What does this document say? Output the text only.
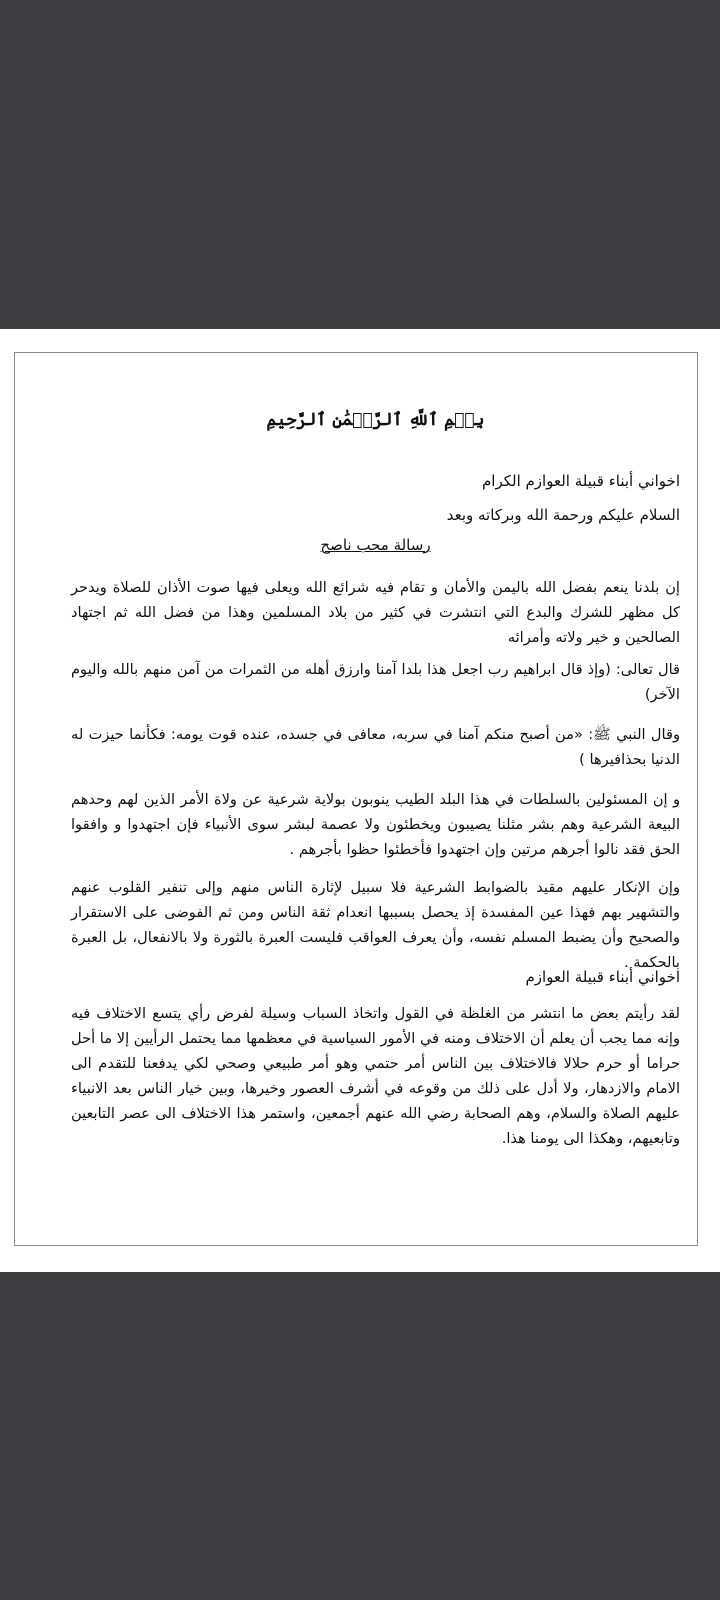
بِسۡمِ ٱللَّهِ ٱلرَّحۡمَٰنِ ٱلرَّحِيمِ
اخواني أبناء قبيلة العوازم الكرام
السلام عليكم ورحمة الله وبركاته وبعد
رسالة محب ناصح

إن بلدنا ينعم بفضل الله باليمن والأمان و تقام فيه شرائع الله ويعلى فيها صوت الأذان للصلاة ويدحر كل مظهر للشرك والبدع التي انتشرت في كثير من بلاد المسلمين وهذا من فضل الله ثم اجتهاد الصالحين و خير ولاته وأمرائه

قال تعالى: (وإذ قال ابراهيم رب اجعل هذا بلدا آمنا وارزق أهله من الثمرات من آمن منهم بالله واليوم الآخر)

وقال النبي ﷺ: «من أصبح منكم آمنا في سربه، معافى في جسده، عنده قوت يومه: فكأنما حيزت له الدنيا بحذافيرها )

و إن المسئولين بالسلطات في هذا البلد الطيب ينوبون بولاية شرعية عن ولاة الأمر الذين لهم وحدهم البيعة الشرعية وهم بشر مثلنا يصيبون ويخطئون ولا عصمة لبشر سوى الأنبياء فإن اجتهدوا و وافقوا الحق فقد نالوا أجرهم مرتين وإن اجتهدوا فأخطئوا حظوا بأجرهم .

وإن الإنكار عليهم مقيد بالضوابط الشرعية فلا سبيل لإثارة الناس منهم وإلى تنفير القلوب عنهم والتشهير بهم فهذا عين المفسدة إذ يحصل بسببها انعدام ثقة الناس ومن ثم الفوضى على الاستقرار والصحيح وأن يضبط المسلم نفسه، وأن يعرف العواقب فليست العبرة بالثورة ولا بالانفعال، بل العبرة بالحكمة .

اخواني أبناء قبيلة العوازم

لقد رأيتم بعض ما انتشر من الغلظة في القول واتخاذ السباب وسيلة لفرض رأي يتسع الاختلاف فيه وإنه مما يجب أن يعلم أن الاختلاف ومنه في الأمور السياسية في معظمها مما يحتمل الرأيين إلا ما أحل حراما أو حرم حلالا فالاختلاف بين الناس أمر حتمي وهو أمر طبيعي وصحي لكي يدفعنا للتقدم الى الامام والازدهار، ولا أدل على ذلك من وقوعه في أشرف العصور وخيرها، وبين خيار الناس بعد الانبياء عليهم الصلاة والسلام، وهم الصحابة رضي الله عنهم أجمعين، واستمر هذا الاختلاف الى عصر التابعين وتابعيهم، وهكذا الى يومنا هذا.
